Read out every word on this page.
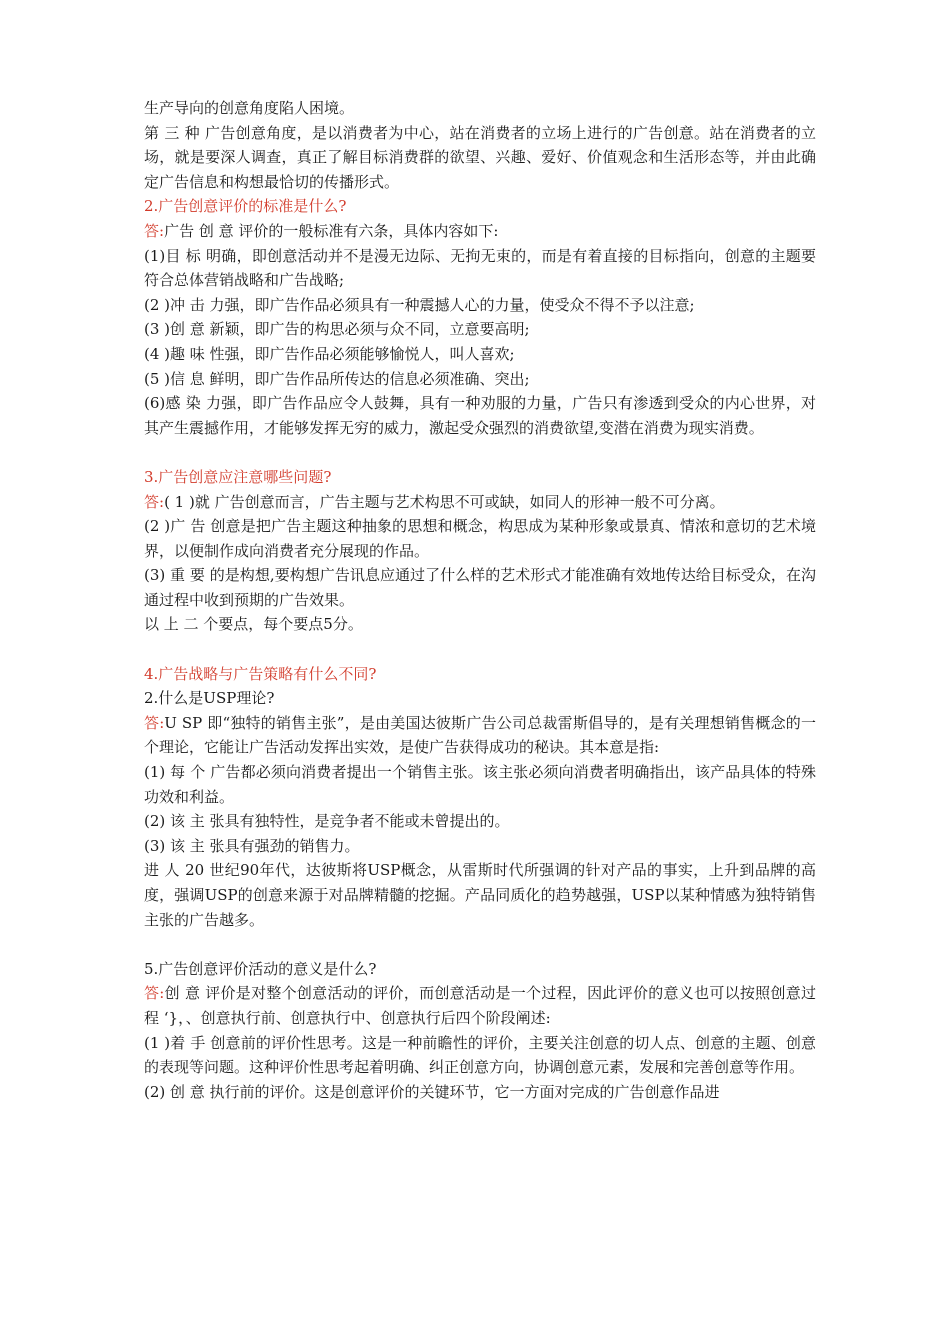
生产导向的创意角度陷人困境。

第 三 种 广告创意角度，是以消费者为中心，站在消费者的立场上进行的广告创意。站在消费者的立场，就是要深人调查，真正了解目标消费群的欲望、兴趣、爱好、价值观念和生活形态等，并由此确定广告信息和构想最恰切的传播形式。

2.广告创意评价的标准是什么?

答:广告 创 意 评价的一般标准有六条，具体内容如下:

(1)目 标 明确，即创意活动并不是漫无边际、无拘无束的，而是有着直接的目标指向，创意的主题要符合总体营销战略和广告战略;

(2 )冲 击 力强，即广告作品必须具有一种震撼人心的力量，使受众不得不予以注意;

(3 )创 意 新颖，即广告的构思必须与众不同，立意要高明;

(4 )趣 味 性强，即广告作品必须能够愉悦人，叫人喜欢;

(5 )信 息 鲜明，即广告作品所传达的信息必须准确、突出;

(6)感 染 力强，即广告作品应令人鼓舞，具有一种劝服的力量，广告只有渗透到受众的内心世界，对其产生震撼作用，才能够发挥无穷的威力，激起受众强烈的消费欲望,变潜在消费为现实消费。

3.广告创意应注意哪些问题?

答:( 1 )就 广告创意而言，广告主题与艺术构思不可或缺，如同人的形神一般不可分离。

(2 )广 告 创意是把广告主题这种抽象的思想和概念，构思成为某种形象或景真、情浓和意切的艺术境界，以便制作成向消费者充分展现的作品。

(3) 重 要 的是构想,要构想广告讯息应通过了什么样的艺术形式才能准确有效地传达给目标受众，在沟通过程中收到预期的广告效果。

以 上 二 个要点，每个要点5分。

4.广告战略与广告策略有什么不同?

2.什么是USP理论?

答:U SP 即“独特的销售主张”，是由美国达彼斯广告公司总裁雷斯倡导的，是有关理想销售概念的一个理论，它能让广告活动发挥出实效，是使广告获得成功的秘诀。其本意是指:

(1) 每 个 广告都必须向消费者提出一个销售主张。该主张必须向消费者明确指出，该产品具体的特殊功效和利益。

(2) 该 主 张具有独特性，是竞争者不能或未曾提出的。

(3) 该 主 张具有强劲的销售力。

进 人 20 世纪90年代，达彼斯将USP概念，从雷斯时代所强调的针对产品的事实，上升到品牌的高度，强调USP的创意来源于对品牌精髓的挖掘。产品同质化的趋势越强，USP以某种情感为独特销售主张的广告越多。

5.广告创意评价活动的意义是什么?

答:创 意 评价是对整个创意活动的评价，而创意活动是一个过程，因此评价的意义也可以按照创意过程 ‘}，、创意执行前、创意执行中、创意执行后四个阶段阐述:

(1 )着 手 创意前的评价性思考。这是一种前瞻性的评价，主要关注创意的切人点、创意的主题、创意的表现等问题。这种评价性思考起着明确、纠正创意方向，协调创意元素，发展和完善创意等作用。

(2) 创 意 执行前的评价。这是创意评价的关键环节，它一方面对完成的广告创意作品进
